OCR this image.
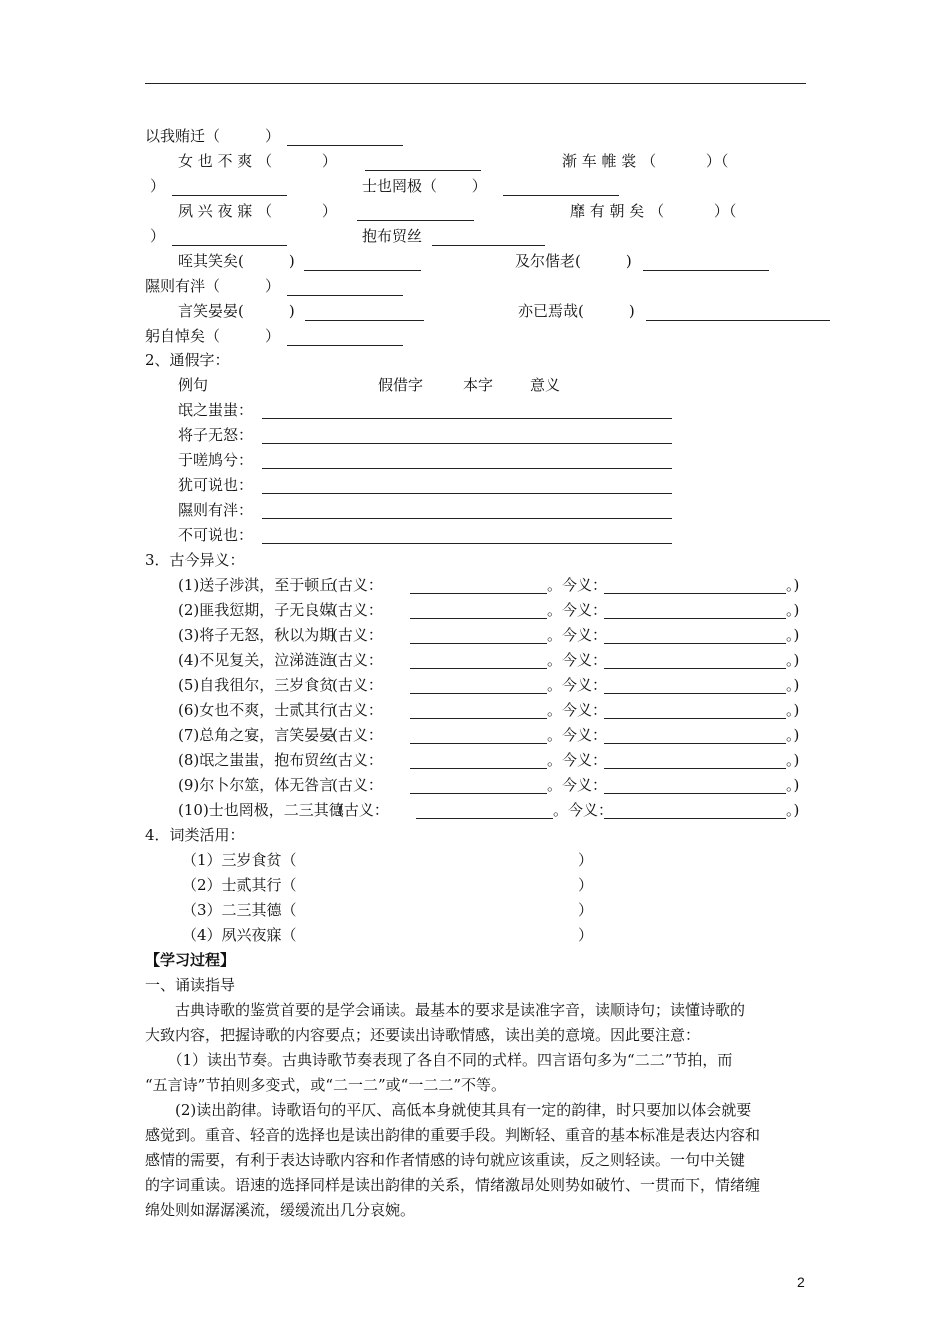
以我贿迁（　　　）
女 也 不 爽 （　　　 ）	渐 车 帷 裳 （　　　 ）（
）	士也罔极（　　 ）
夙 兴 夜 寐 （　　　 ）	靡 有 朝 矣 （　　　 ）（
）	抱布贸丝
咥其笑矣(　　　)	及尔偕老(　　　)
隰则有泮（　　　）
言笑晏晏(　　　)	亦已焉哉(　　　)
躬自悼矣（　　　）
2、通假字：
例句	假借字	本字 意义
氓之蚩蚩：
将子无怒：
于嗟鸠兮：
犹可说也：
隰则有泮：
不可说也：
3．古今异义：
(1)送子涉淇，至于顿丘
(古义：	。今义：	。)
(2)匪我愆期，子无良媒
(古义：	。今义：	。)
(3)将子无怒，秋以为期
(古义：	。今义：	。)
(4)不见复关，泣涕涟涟
(古义：	。今义：	。)
(5)自我徂尔，三岁食贫
(古义：	。今义：	。)
(6)女也不爽，士贰其行
(古义：	。今义：	。)
(7)总角之宴，言笑晏晏
(古义：	。今义：	。)
(8)氓之蚩蚩，抱布贸丝
(古义：	。今义：	。)
(9)尔卜尔筮，体无咎言
(古义：	。今义：	。)
(10)士也罔极，二三其德
(古义：	。今义：	。)
4．词类活用：
（1）三岁食贫（	）
（2）士贰其行（	）
（3）二三其德（	）
（4）夙兴夜寐（	）
【学习过程】
一、诵读指导
　　古典诗歌的鉴赏首要的是学会诵读。最基本的要求是读准字音，读顺诗句；读懂诗歌的
大致内容，把握诗歌的内容要点；还要读出诗歌情感，读出美的意境。因此要注意：
　　（1）读出节奏。古典诗歌节奏表现了各自不同的式样。四言语句多为“二二”节拍，而
“五言诗”节拍则多变式，或“二一二”或“一二二”不等。
　　(2)读出韵律。诗歌语句的平仄、高低本身就使其具有一定的韵律，时只要加以体会就要
感觉到。重音、轻音的选择也是读出韵律的重要手段。判断轻、重音的基本标准是表达内容和
感情的需要，有利于表达诗歌内容和作者情感的诗句就应该重读，反之则轻读。一句中关键
的字词重读。语速的选择同样是读出韵律的关系，情绪激昂处则势如破竹、一贯而下，情绪缠
绵处则如潺潺溪流，缓缓流出几分哀婉。
2
